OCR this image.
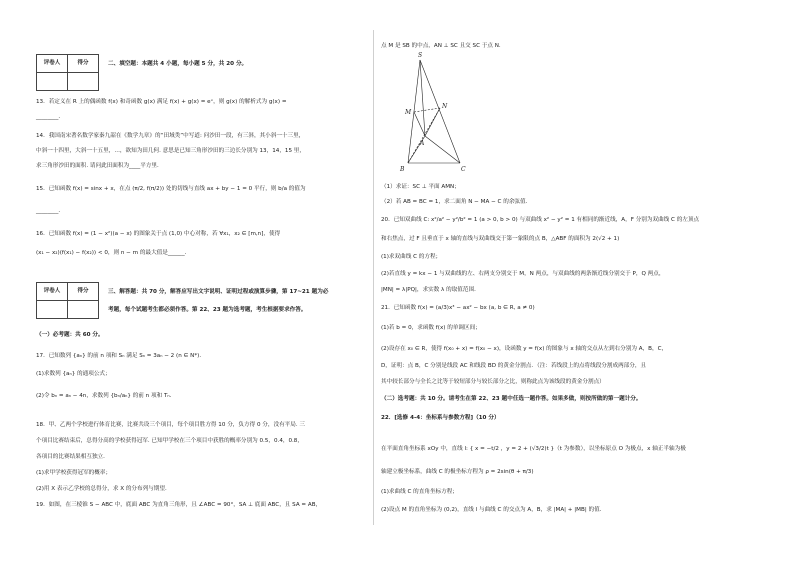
评卷人	得分
		二、填空题：本题共 4 小题，每小题 5 分，共 20 分。
13．若定义在 R 上的偶函数 f(x) 和奇函数 g(x) 满足 f(x) + g(x) = eˣ，则 g(x) 的解析式为 g(x) =
________．
14．我国南宋著名数学家秦九韶在《数学九章》的“田域类”中写道: 问沙田一段，有三斜，其小斜一十三里，
中斜一十四里，大斜一十五里，…，欲知为田几何. 意思是已知三角形沙田的三边长分别为 13，14，15 里，
求三角形沙田的面积. 请问此田面积为____平方里．
15．已知函数 f(x) = sinx + x，在点 (π/2, f(π/2)) 处的切线与直线 ax + by − 1 = 0 平行，则 b/a 的值为
________．
16．已知函数 f(x) = (1 − x²)(a − x) 的图象关于点 (1,0) 中心对称，若 ∀x₁，x₂ ∈ [m,n]，使得
(x₁ − x₂)(f(x₁) − f(x₂)) < 0，则 n − m 的最大值是______．
评卷人	得分
		三、解答题：共 70 分，解答应写出文字说明、证明过程或演算步骤，第 17~21 题为必
考题，每个试题考生都必须作答。第 22、23 题为选考题，考生根据要求作答。
（一）必考题：共 60 分。
17．已知数列 {aₙ} 的前 n 项和 Sₙ 满足 Sₙ = 3aₙ − 2 (n ∈ N*)．
(1)求数列 {aₙ} 的通项公式；
(2)令 bₙ = aₙ − 4n，求数列 {bₙ/aₙ} 的前 n 项和 Tₙ．
18．甲、乙两个学校进行体育比赛，比赛共设三个项目，每个项目胜方得 10 分，负方得 0 分，没有平局. 三
个项目比赛结束后，总得分高的学校获得冠军. 已知甲学校在三个项目中获胜的概率分别为 0.5，0.4，0.8，
各项目的比赛结果相互独立．
(1)求甲学校获得冠军的概率；
(2)用 X 表示乙学校的总得分，求 X 的分布列与期望．
19．如图，在三棱锥 S − ABC 中，底面 ABC 为直角三角形，且 ∠ABC = 90°，SA ⊥ 底面 ABC，且 SA = AB，
点 M 是 SB 的中点，AN ⊥ SC 且交 SC 于点 N．
S
M
N
A
B	C
（1）求证：SC ⊥ 平面 AMN；
（2）若 AB = BC = 1，求二面角 N − MA − C 的余弦值．
20．已知双曲线 C: x²/a² − y²/b² = 1 (a > 0, b > 0) 与双曲线 x² − y² = 1 有相同的渐近线，A，F 分别为双曲线 C 的左顶点
和右焦点，过 F 且垂直于 x 轴的直线与双曲线交于第一象限的点 B，△ABF 的面积为 2(√2 + 1)
(1)求双曲线 C 的方程；
(2)若直线 y = kx − 1 与双曲线的左、右两支分别交于 M，N 两点，与双曲线的两条渐近线分别交于 P，Q 两点，
|MN| = λ|PQ|，求实数 λ 的取值范围．
21．已知函数 f(x) = (a/3)x³ − ax² − bx (a, b ∈ R, a ≠ 0)
(1)若 b = 0，求函数 f(x) 的单调区间；
(2)设存在 x₀ ∈ R，使得 f(x₀ + x) = f(x₀ − x)，设函数 y = f(x) 的图象与 x 轴的交点从左到右分别为 A，B，C，
D，证明：点 B，C 分别是线段 AC 和线段 BD 的黄金分割点．（注：若线段上的点将线段分割成两部分，且
其中较长部分与全长之比等于较短部分与较长部分之比，则称此点为该线段的黄金分割点）
（二）选考题：共 10 分。请考生在第 22、23 题中任选一题作答。如果多做，则按所做的第一题计分。
22．[选修 4-4：坐标系与参数方程]（10 分）
在平面直角坐标系 xOy 中，直线 l: { x = −t/2 ，y = 2 + (√3/2)t }（t 为参数），以坐标原点 O 为极点，x 轴正半轴为极
轴建立极坐标系，曲线 C 的极坐标方程为 ρ = 2sin(θ + π/3)
(1)求曲线 C 的直角坐标方程；
(2)设点 M 的直角坐标为 (0,2)，直线 l 与曲线 C 的交点为 A，B，求 |MA| + |MB| 的值．
